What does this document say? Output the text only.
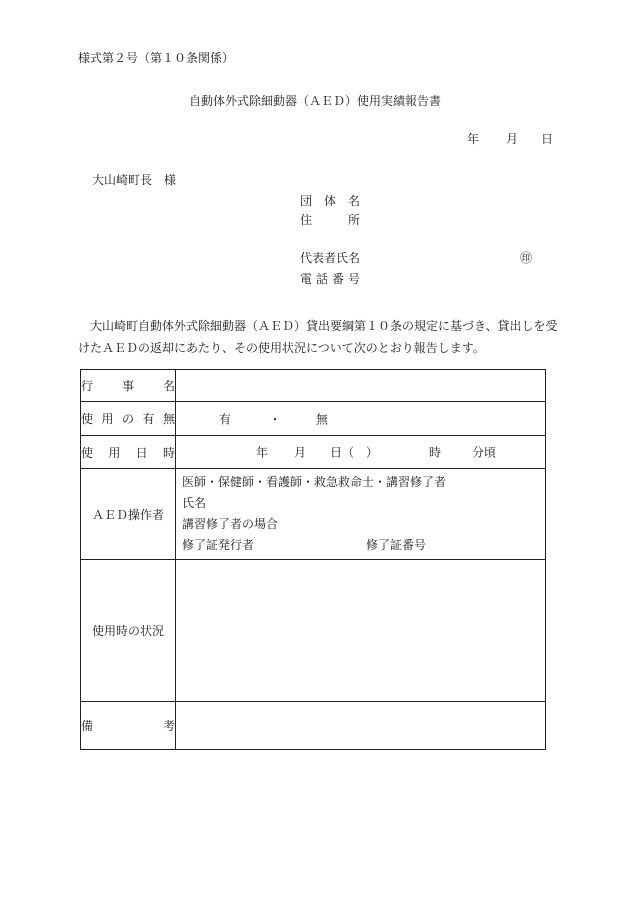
様式第２号（第１０条関係）
自動体外式除細動器（ＡＥＤ）使用実績報告書
年 月 日
大山崎町長　様
団 体 名
住	所
代表者氏名	㊞
電 話 番 号
大山崎町自動体外式除細動器（ＡＥＤ）貸出要綱第１０条の規定に基づき、貸出しを受けたＡＥＤの返却にあたり、その使用状況について次のとおり報告します。
行 事 名	

使 用 の 有 無	有 ・ 無

使 用 日 時	年 月 日（　） 時 分頃

ＡＥＤ操作者	医師・保健師・看護師・救急救命士・講習修了者
氏名
講習修了者の場合
修了証発行者 修了証番号

使用時の状況	

備 考	
